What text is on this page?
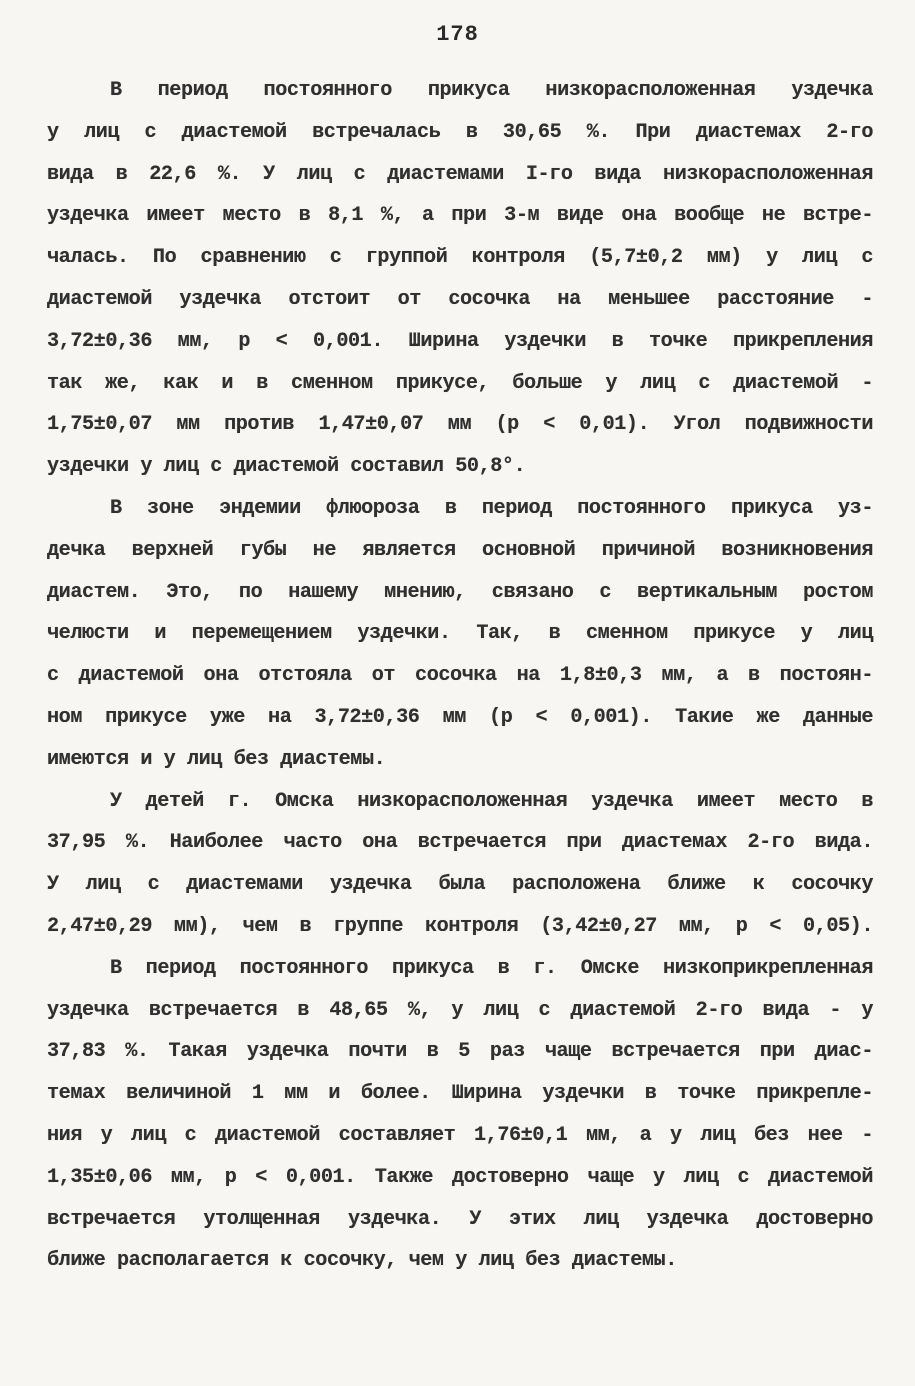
178
В период постоянного прикуса низкорасположенная уздечка
у лиц с диастемой встречалась в 30,65 %. При диастемах 2-го
вида в 22,6 %. У лиц с диастемами I-го вида низкорасположенная
уздечка имеет место в 8,1 %, а при 3-м виде она вообще не встре-
чалась. По сравнению с группой контроля (5,7±0,2 мм) у лиц с
диастемой уздечка отстоит от сосочка на меньшее расстояние -
3,72±0,36 мм, р < 0,001. Ширина уздечки в точке прикрепления
так же, как и в сменном прикусе, больше у лиц с диастемой -
1,75±0,07 мм против 1,47±0,07 мм (р < 0,01). Угол подвижности
уздечки у лиц с диастемой составил 50,8°.
В зоне эндемии флюороза в период постоянного прикуса уз-
дечка верхней губы не является основной причиной возникновения
диастем. Это, по нашему мнению, связано с вертикальным ростом
челюсти и перемещением уздечки. Так, в сменном прикусе у лиц
с диастемой она отстояла от сосочка на 1,8±0,3 мм, а в постоян-
ном прикусе уже на 3,72±0,36 мм (р < 0,001). Такие же данные
имеются и у лиц без диастемы.
У детей г. Омска низкорасположенная уздечка имеет место в
37,95 %. Наиболее часто она встречается при диастемах 2-го вида.
У лиц с диастемами уздечка была расположена ближе к сосочку
2,47±0,29 мм), чем в группе контроля (3,42±0,27 мм, р < 0,05).
В период постоянного прикуса в г. Омске низкоприкрепленная
уздечка встречается в 48,65 %, у лиц с диастемой 2-го вида - у
37,83 %. Такая уздечка почти в 5 раз чаще встречается при диас-
темах величиной 1 мм и более. Ширина уздечки в точке прикрепле-
ния у лиц с диастемой составляет 1,76±0,1 мм, а у лиц без нее -
1,35±0,06 мм, р < 0,001. Также достоверно чаще у лиц с диастемой
встречается утолщенная уздечка. У этих лиц уздечка достоверно
ближе располагается к сосочку, чем у лиц без диастемы.
